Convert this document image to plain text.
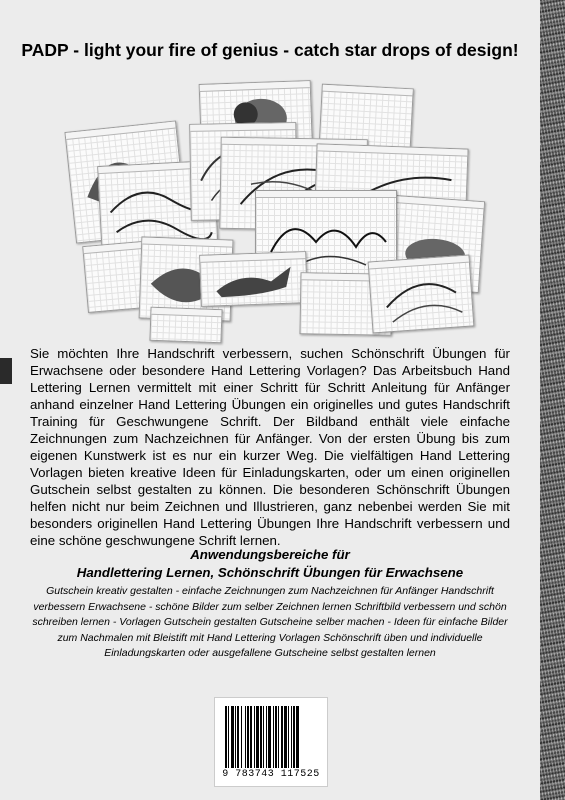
PADP - light your fire of genius - catch star drops of design!

Sie möchten Ihre Handschrift verbessern, suchen Schönschrift Übungen für Erwachsene oder besondere Hand Lettering Vorlagen? Das Arbeitsbuch Hand Lettering Lernen vermittelt mit einer Schritt für Schritt Anleitung für Anfänger anhand einzelner Hand Lettering Übungen ein originelles und gutes Handschrift Training für Geschwungene Schrift. Der Bildband enthält viele einfache Zeichnungen zum Nachzeichnen für Anfänger. Von der ersten Übung bis zum eigenen Kunstwerk ist es nur ein kurzer Weg. Die vielfältigen Hand Lettering Vorlagen bieten kreative Ideen für Einladungskarten, oder um einen originellen Gutschein selbst gestalten zu können. Die besonderen Schönschrift Übungen helfen nicht nur beim Zeichnen und Illustrieren, ganz nebenbei werden Sie mit besonders originellen Hand Lettering Übungen Ihre Handschrift verbessern und eine schöne geschwungene Schrift lernen.

Anwendungsbereiche für
Handlettering Lernen, Schönschrift Übungen für Erwachsene

Gutschein kreativ gestalten - einfache Zeichnungen zum Nachzeichnen für Anfänger Handschrift verbessern Erwachsene - schöne Bilder zum selber Zeichnen lernen Schriftbild verbessern und schön schreiben lernen - Vorlagen Gutschein gestalten Gutscheine selber machen - Ideen für einfache Bilder zum Nachmalen mit Bleistift mit Hand Lettering Vorlagen Schönschrift üben und individuelle Einladungskarten oder ausgefallene Gutscheine selbst gestalten lernen

9 783743 117525
